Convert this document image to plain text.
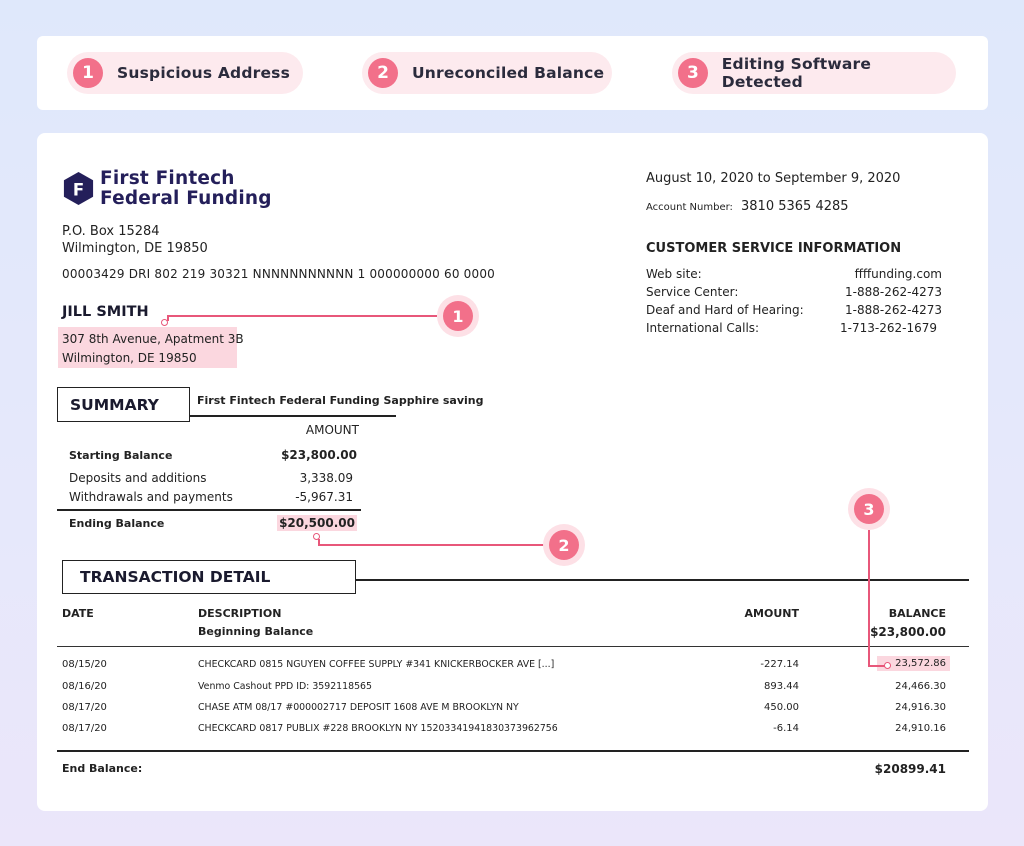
1	Suspicious Address	2	Unreconciled Balance	3	Editing Software Detected
F
First Fintech
Federal Funding
P.O. Box 15284
Wilmington, DE 19850
00003429 DRI 802 219 30321 NNNNNNNNNNN 1 000000000 60 0000
JILL SMITH
307 8th Avenue, Apatment 3B
Wilmington, DE 19850
1
August 10, 2020 to September 9, 2020
Account Number: 3810 5365 4285
CUSTOMER SERVICE INFORMATION
Web site:	ffffunding.com
Service Center:	1-888-262-4273
Deaf and Hard of Hearing:	1-888-262-4273
International Calls:	1-713-262-1679
SUMMARY	First Fintech Federal Funding Sapphire saving
AMOUNT
Starting Balance	$23,800.00
Deposits and additions	3,338.09
Withdrawals and payments	-5,967.31
Ending Balance	$20,500.00
2
TRANSACTION DETAIL
DATE	DESCRIPTION	AMOUNT	BALANCE
Beginning Balance	$23,800.00
08/15/20	CHECKCARD 0815 NGUYEN COFFEE SUPPLY #341 KNICKERBOCKER AVE [...]	-227.14	23,572.86
08/16/20	Venmo Cashout PPD ID: 3592118565	893.44	24,466.30
08/17/20	CHASE ATM 08/17 #000002717 DEPOSIT 1608 AVE M BROOKLYN NY	450.00	24,916.30
08/17/20	CHECKCARD 0817 PUBLIX #228 BROOKLYN NY 15203341941830373962756	-6.14	24,910.16
End Balance:	$20899.41
3
